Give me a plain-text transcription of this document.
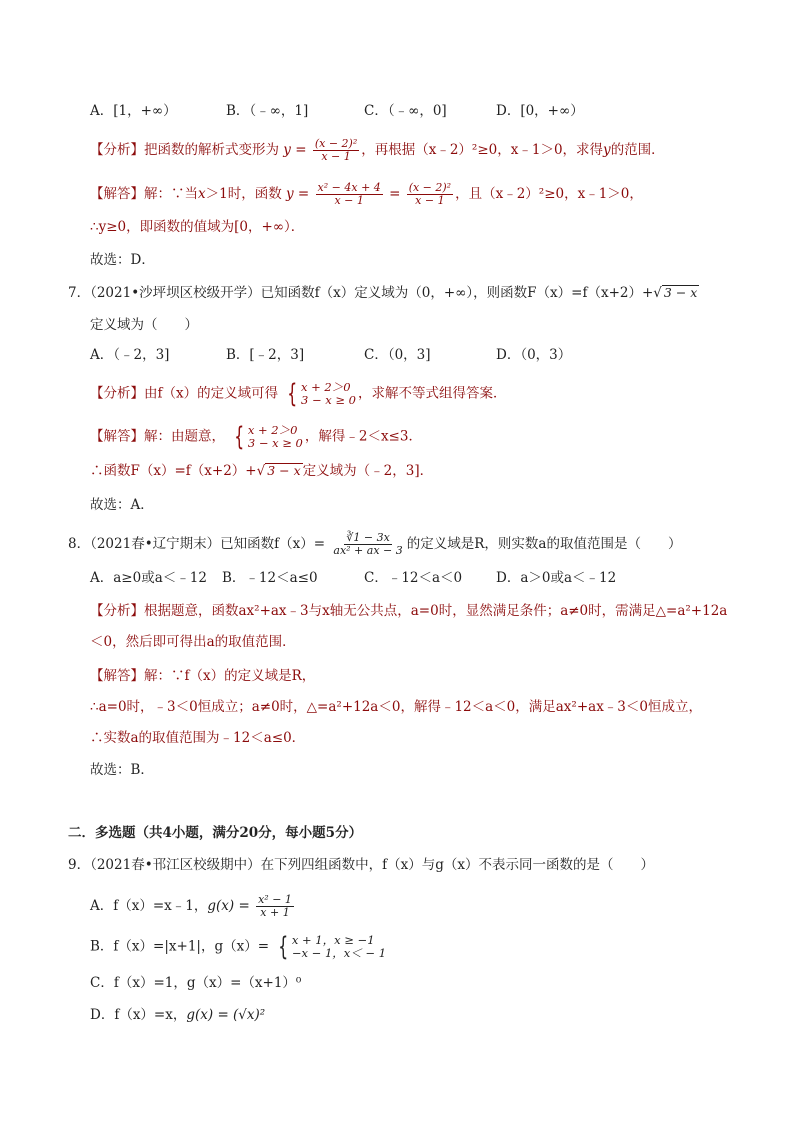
A．[1，+∞）	B．（﹣∞，1]	C．（﹣∞，0]	D．[0，+∞）
【分析】把函数的解析式变形为 $y = \frac{\text{(x − 2)²}}{x - 1}$ ，再根据（x﹣2）²≥0，x﹣1＞0，求得y的范围．
【解答】解：∵当x＞1时，函数 $y = \frac{\text{x² − 4x + 4}}{x - 1} = \frac{\text{(x − 2)²}}{x - 1}$ ，且（x﹣2）²≥0，x﹣1＞0，
∴y≥0，即函数的值域为[0，+∞）．
故选：D．
7．（2021•沙坪坝区校级开学）已知函数f（x）定义域为（0，+∞），则函数F（x）=f（x+2）+√ 3 − x
定义域为（　　）
A．（﹣2，3]	B．[﹣2，3]	C．（0，3]	D．（0，3）
【分析】由f（x）的定义域可得 { x + 2＞0
3 − x ≥ 0 ，求解不等式组得答案．
【解答】解：由题意， { x + 2＞0
3 − x ≥ 0 ，解得﹣2＜x≤3．
∴函数F（x）=f（x+2）+√ 3 − x 定义域为（﹣2，3]．
故选：A．
8．（2021春•辽宁期末）已知函数$f(x)= \frac{∛1 - 3x}{\text{ax² + ax − 3}}$ 的定义域是R，则实数a的取值范围是（　　）
A．a≥0或a＜﹣12 B．﹣12＜a≤0	C．﹣12＜a＜0	D．a＞0或a＜﹣12
【分析】根据题意，函数ax²+ax﹣3与x轴无公共点，a=0时，显然满足条件；a≠0时，需满足△=a²+12a
＜0，然后即可得出a的取值范围．
【解答】解：∵f（x）的定义域是R，
∴a=0时，﹣3＜0恒成立；a≠0时，△=a²+12a＜0，解得﹣12＜a＜0，满足ax²+ax﹣3＜0恒成立，
∴实数a的取值范围为﹣12＜a≤0．
故选：B．
二．多选题（共4小题，满分20分，每小题5分）
9．（2021春•邗江区校级期中）在下列四组函数中，f（x）与g（x）不表示同一函数的是（　　）
A．f（x）=x﹣1，$g(x) = \frac{\text{x² − 1}}{x + 1}$
B．f（x）=|x+1|，g（x）= { x + 1，x ≥ −1
−x − 1，x＜ − 1
C．f（x）=1，g（x）=（x+1）⁰
D．f（x）=x，g(x) = (√x)²
